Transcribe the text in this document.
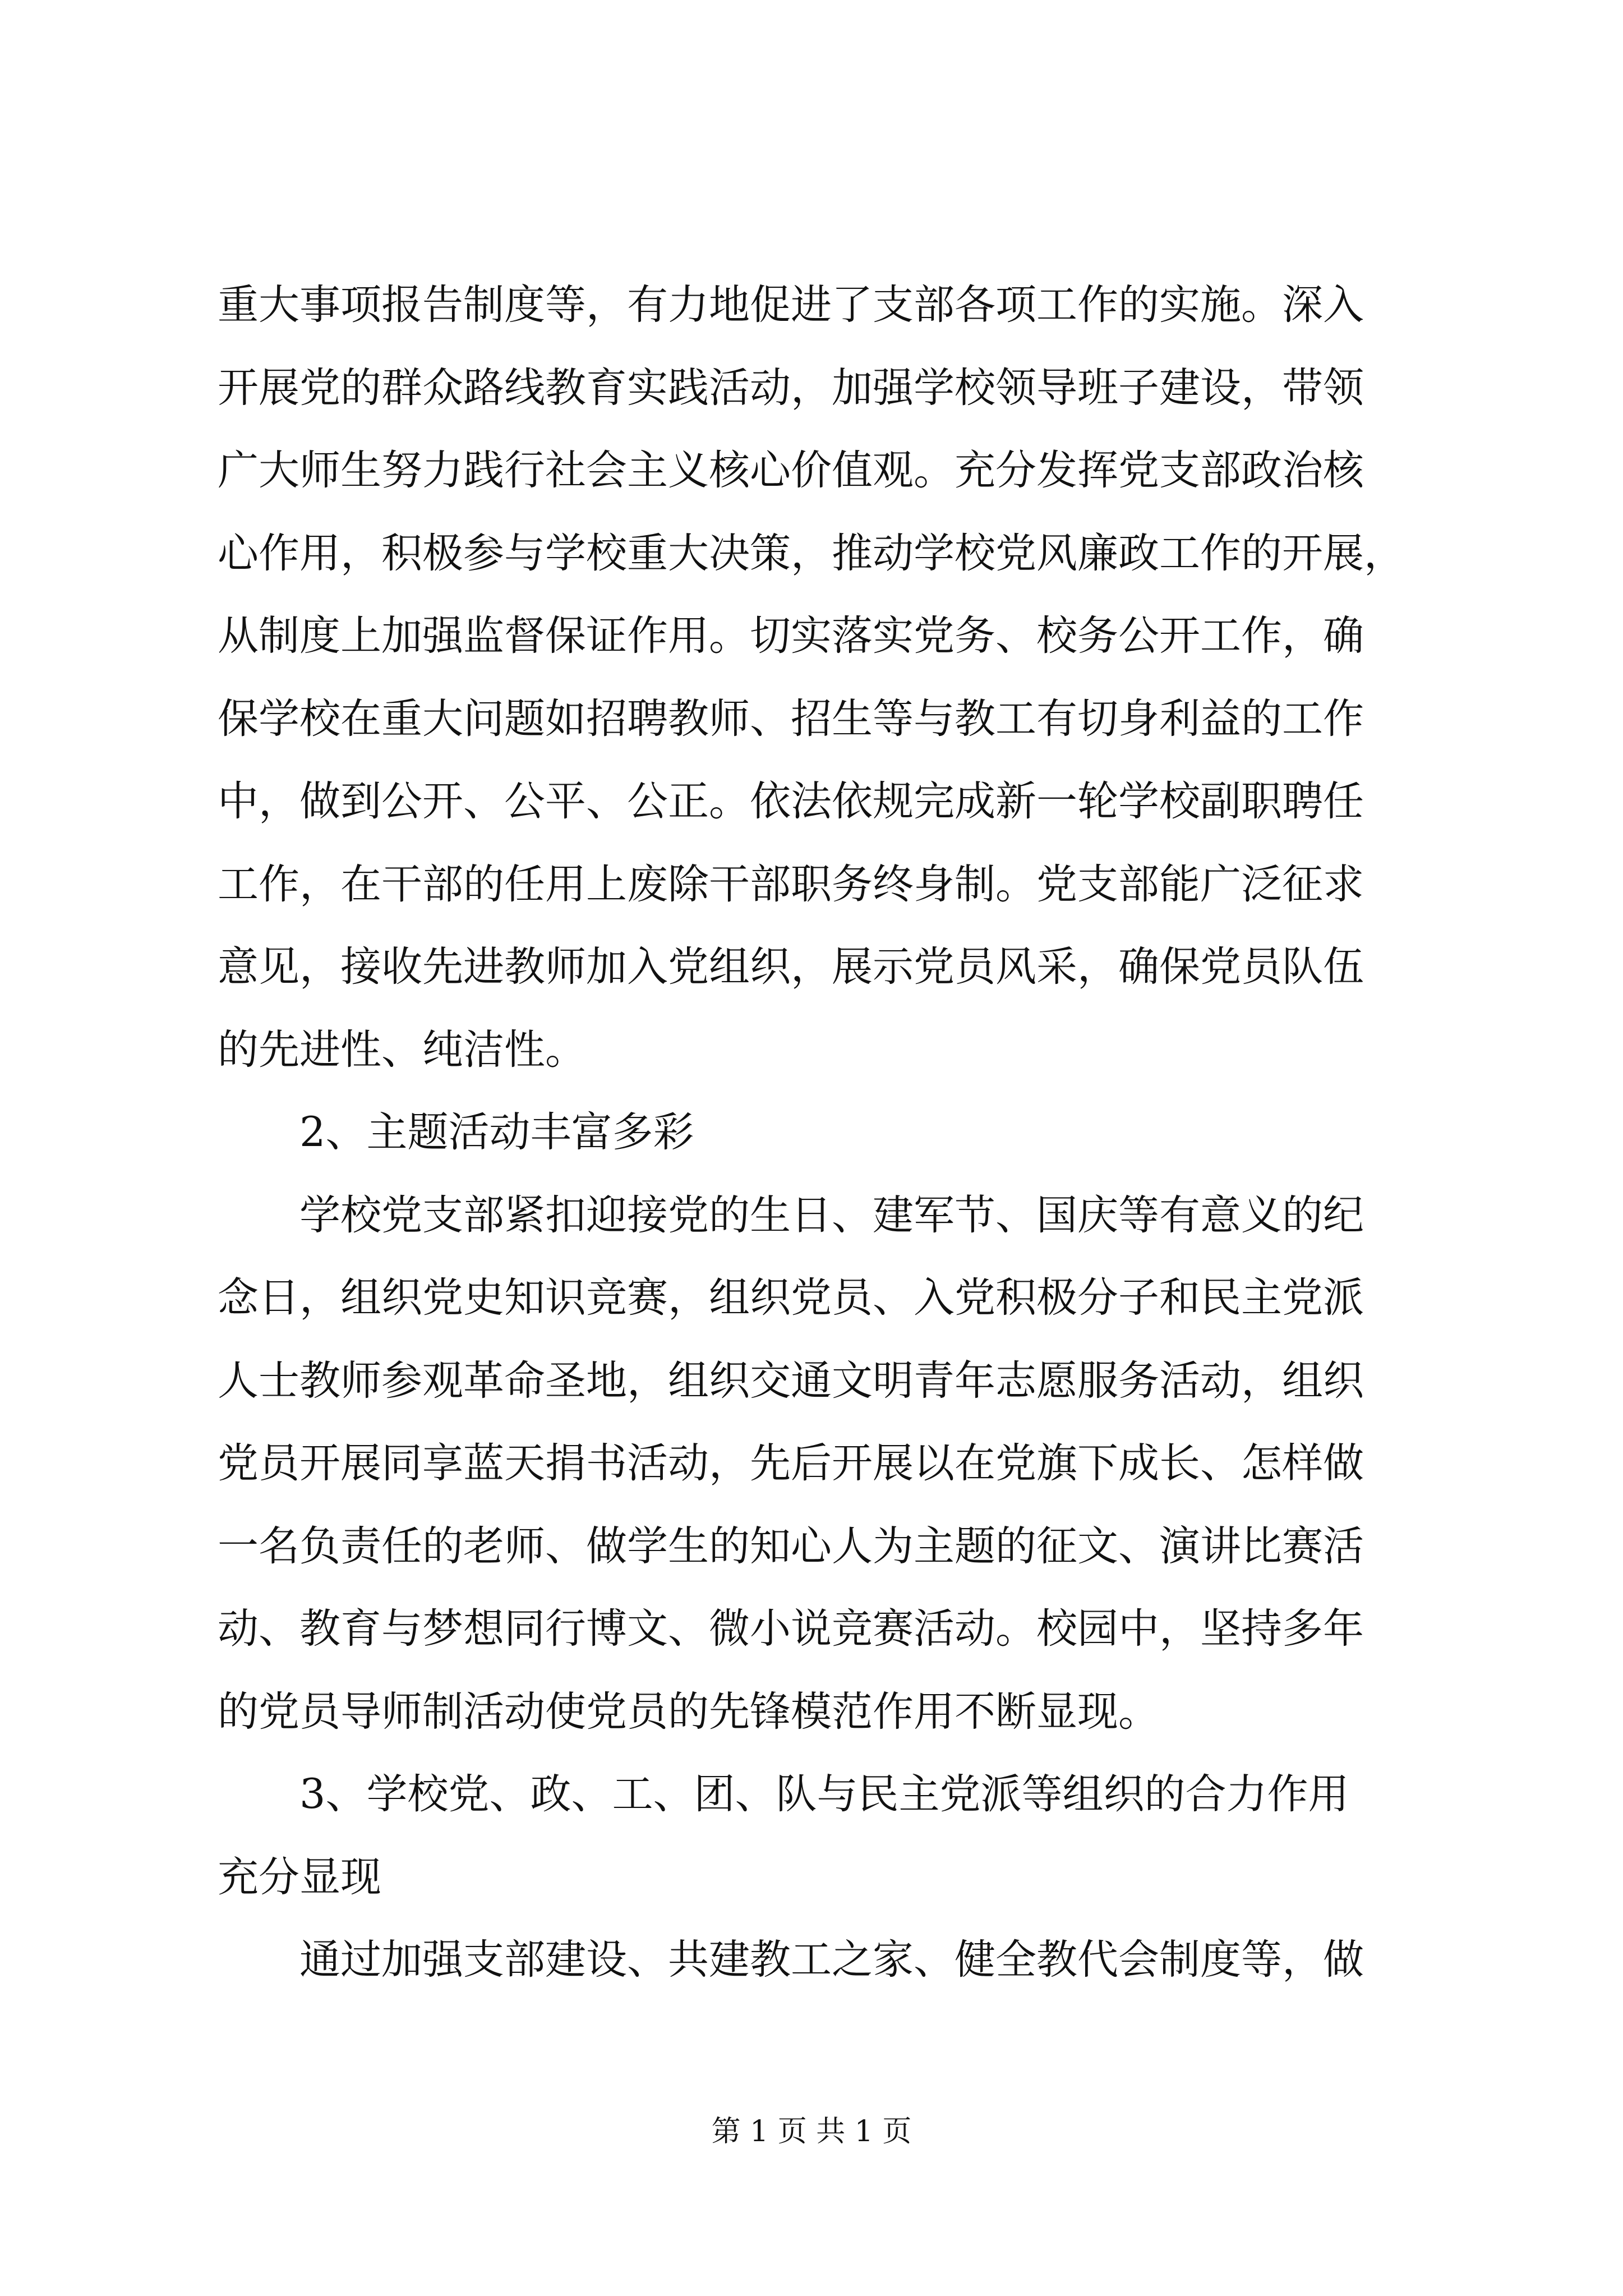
重大事项报告制度等，有力地促进了支部各项工作的实施。深入
开展党的群众路线教育实践活动，加强学校领导班子建设，带领
广大师生努力践行社会主义核心价值观。充分发挥党支部政治核
心作用，积极参与学校重大决策，推动学校党风廉政工作的开展，
从制度上加强监督保证作用。切实落实党务、校务公开工作，确
保学校在重大问题如招聘教师、招生等与教工有切身利益的工作
中，做到公开、公平、公正。依法依规完成新一轮学校副职聘任
工作，在干部的任用上废除干部职务终身制。党支部能广泛征求
意见，接收先进教师加入党组织，展示党员风采，确保党员队伍
的先进性、纯洁性。
　　2、主题活动丰富多彩
　　学校党支部紧扣迎接党的生日、建军节、国庆等有意义的纪
念日，组织党史知识竞赛，组织党员、入党积极分子和民主党派
人士教师参观革命圣地，组织交通文明青年志愿服务活动，组织
党员开展同享蓝天捐书活动，先后开展以在党旗下成长、怎样做
一名负责任的老师、做学生的知心人为主题的征文、演讲比赛活
动、教育与梦想同行博文、微小说竞赛活动。校园中，坚持多年
的党员导师制活动使党员的先锋模范作用不断显现。
　　3、学校党、政、工、团、队与民主党派等组织的合力作用
充分显现
　　通过加强支部建设、共建教工之家、健全教代会制度等，做
第 1 页 共 1 页
